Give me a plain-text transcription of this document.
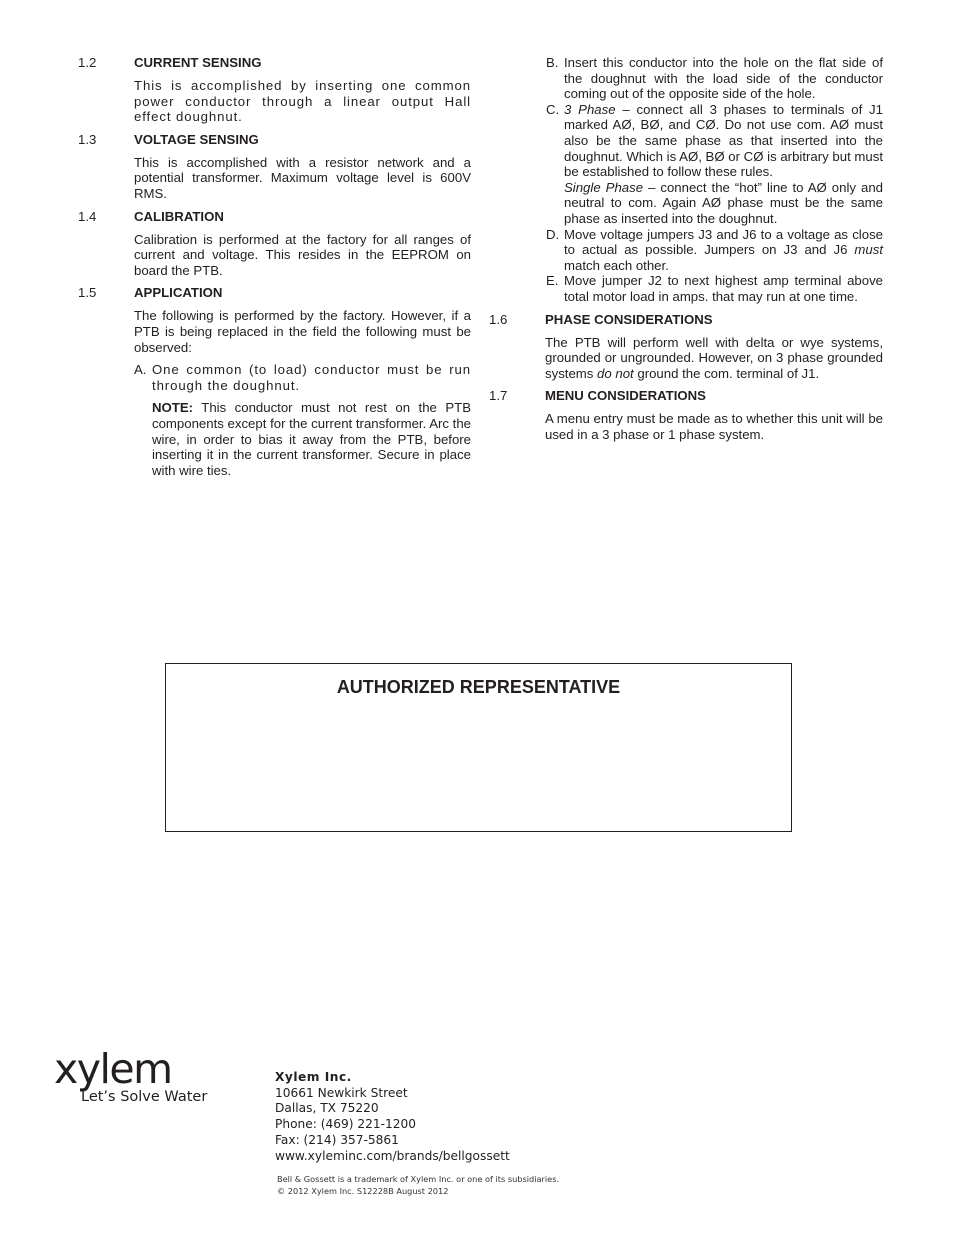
1.2	CURRENT SENSING
This is accomplished by inserting one common power conductor through a linear output Hall effect doughnut.
1.3	VOLTAGE SENSING
This is accomplished with a resistor network and a potential transformer. Maximum voltage level is 600V RMS.
1.4	CALIBRATION
Calibration is performed at the factory for all ranges of current and voltage. This resides in the EEPROM on board the PTB.
1.5	APPLICATION
The following is performed by the factory. However, if a PTB is being replaced in the field the following must be observed:
A. One common (to load) conductor must be run through the doughnut.
NOTE: This conductor must not rest on the PTB components except for the current transformer. Arc the wire, in order to bias it away from the PTB, before inserting it in the current transformer. Secure in place with wire ties.
B. Insert this conductor into the hole on the flat side of the doughnut with the load side of the conductor coming out of the opposite side of the hole.
C. 3 Phase – connect all 3 phases to terminals of J1 marked AØ, BØ, and CØ. Do not use com. AØ must also be the same phase as that inserted into the doughnut. Which is AØ, BØ or CØ is arbitrary but must be established to follow these rules.
Single Phase – connect the “hot” line to AØ only and neutral to com. Again AØ phase must be the same phase as inserted into the doughnut.
D. Move voltage jumpers J3 and J6 to a voltage as close to actual as possible. Jumpers on J3 and J6 must match each other.
E. Move jumper J2 to next highest amp terminal above total motor load in amps. that may run at one time.
1.6	PHASE CONSIDERATIONS
The PTB will perform well with delta or wye systems, grounded or ungrounded. However, on 3 phase grounded systems do not ground the com. terminal of J1.
1.7	MENU CONSIDERATIONS
A menu entry must be made as to whether this unit will be used in a 3 phase or 1 phase system.
AUTHORIZED REPRESENTATIVE
xylem
Let’s Solve Water
Xylem Inc.
10661 Newkirk Street
Dallas, TX 75220
Phone: (469) 221-1200
Fax: (214) 357-5861
www.xyleminc.com/brands/bellgossett
Bell & Gossett is a trademark of Xylem Inc. or one of its subsidiaries.
© 2012 Xylem Inc. S12228B August 2012
